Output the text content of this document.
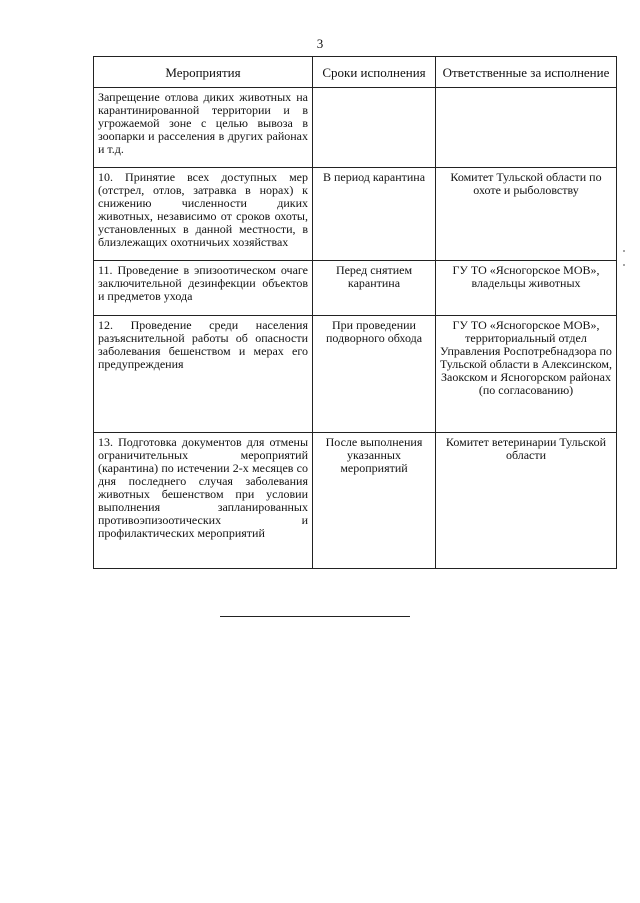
3
Мероприятия	Сроки исполнения	Ответственные за исполнение
Запрещение отлова диких животных на карантинированной территории и в угрожаемой зоне с целью вывоза в зоопарки и расселения в других районах и т.д.		
10. Принятие всех доступных мер (отстрел, отлов, затравка в норах) к снижению численности диких животных, независимо от сроков охоты, установленных в данной местности, в близлежащих охотничьих хозяйствах	В период карантина	Комитет Тульской области по охоте и рыболовству
11. Проведение в эпизоотическом очаге заключительной дезинфекции объектов и предметов ухода	Перед снятием карантина	ГУ ТО «Ясногорское МОВ», владельцы животных
12. Проведение среди населения разъяснительной работы об опасности заболевания бешенством и мерах его предупреждения	При проведении подворного обхода	ГУ ТО «Ясногорское МОВ», территориальный отдел Управления Роспотребнадзора по Тульской области в Алексинском, Заокском и Ясногорском районах (по согласованию)
13. Подготовка документов для отмены ограничительных мероприятий (карантина) по истечении 2-х месяцев со дня последнего случая заболевания животных бешенством при условии выполнения запланированных противоэпизоотических и профилактических мероприятий	После выполнения указанных мероприятий	Комитет ветеринарии Тульской области
